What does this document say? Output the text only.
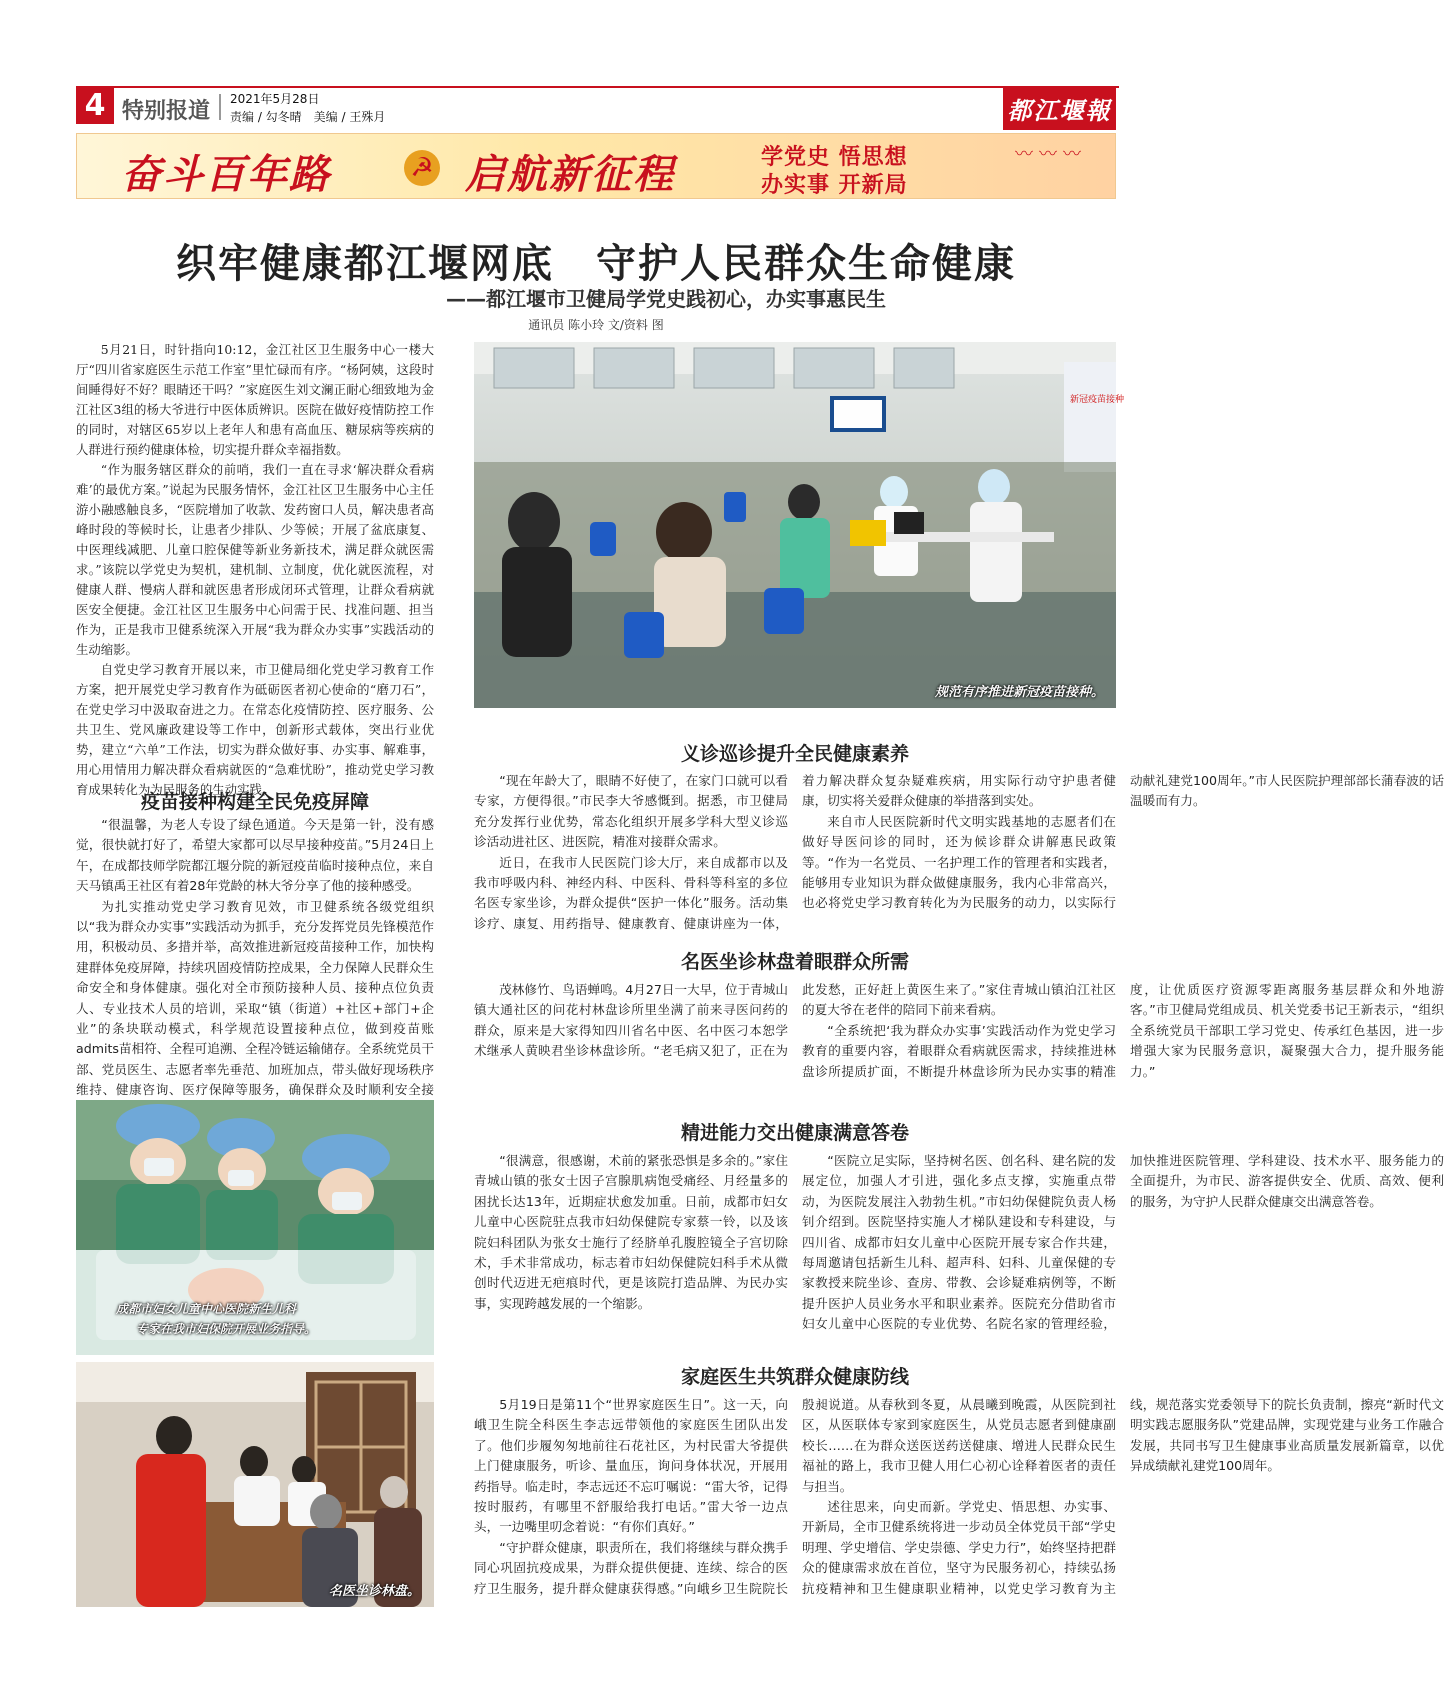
4 特别报道 2021年5月28日
责编 / 勾冬晴　美编 / 王殊月	都江堰報
奋斗百年路	☭ 启航新征程	学党史 悟思想
办实事 开新局
〰〰〰
织牢健康都江堰网底　守护人民群众生命健康
——都江堰市卫健局学党史践初心，办实事惠民生
通讯员 陈小玲 文/资料 图

5月21日，时针指向10:12，金江社区卫生服务中心一楼大厅“四川省家庭医生示范工作室”里忙碌而有序。“杨阿姨，这段时间睡得好不好？眼睛还干吗？”家庭医生刘文澜正耐心细致地为金江社区3组的杨大爷进行中医体质辨识。医院在做好疫情防控工作的同时，对辖区65岁以上老年人和患有高血压、糖尿病等疾病的人群进行预约健康体检，切实提升群众幸福指数。

“作为服务辖区群众的前哨，我们一直在寻求‘解决群众看病难’的最优方案。”说起为民服务情怀，金江社区卫生服务中心主任游小融感触良多，“医院增加了收款、发药窗口人员，解决患者高峰时段的等候时长，让患者少排队、少等候；开展了盆底康复、中医理线减肥、儿童口腔保健等新业务新技术，满足群众就医需求。”该院以学党史为契机，建机制、立制度，优化就医流程，对健康人群、慢病人群和就医患者形成闭环式管理，让群众看病就医安全便捷。金江社区卫生服务中心问需于民、找准问题、担当作为，正是我市卫健系统深入开展“我为群众办实事”实践活动的生动缩影。

自党史学习教育开展以来，市卫健局细化党史学习教育工作方案，把开展党史学习教育作为砥砺医者初心使命的“磨刀石”，在党史学习中汲取奋进之力。在常态化疫情防控、医疗服务、公共卫生、党风廉政建设等工作中，创新形式载体，突出行业优势，建立“六单”工作法，切实为群众做好事、办实事、解难事，用心用情用力解决群众看病就医的“急难忧盼”，推动党史学习教育成果转化为为民服务的生动实践。

新冠疫苗接种
规范有序推进新冠疫苗接种。
疫苗接种构建全民免疫屏障

“很温馨，为老人专设了绿色通道。今天是第一针，没有感觉，很快就打好了，希望大家都可以尽早接种疫苗。”5月24日上午，在成都技师学院都江堰分院的新冠疫苗临时接种点位，来自天马镇禹王社区有着28年党龄的林大爷分享了他的接种感受。

为扎实推动党史学习教育见效，市卫健系统各级党组织以“我为群众办实事”实践活动为抓手，充分发挥党员先锋模范作用，积极动员、多措并举，高效推进新冠疫苗接种工作，加快构建群体免疫屏障，持续巩固疫情防控成果，全力保障人民群众生命安全和身体健康。强化对全市预防接种人员、接种点位负责人、专业技术人员的培训，采取“镇（街道）+社区+部门+企业”的条块联动模式，科学规范设置接种点位，做到疫苗账admits苗相符、全程可追溯、全程冷链运输储存。全系统党员干部、党员医生、志愿者率先垂范、加班加点，带头做好现场秩序维持、健康咨询、医疗保障等服务，确保群众及时顺利安全接

成都市妇女儿童中心医院新生儿科
专家在我市妇保院开展业务指导。
名医坐诊林盘。
义诊巡诊提升全民健康素养

“现在年龄大了，眼睛不好使了，在家门口就可以看专家，方便得很。”市民李大爷感慨到。据悉，市卫健局充分发挥行业优势，常态化组织开展多学科大型义诊巡诊活动进社区、进医院，精准对接群众需求。

近日，在我市人民医院门诊大厅，来自成都市以及我市呼吸内科、神经内科、中医科、骨科等科室的多位名医专家坐诊，为群众提供“医护一体化”服务。活动集诊疗、康复、用药指导、健康教育、健康讲座为一体，着力解决群众复杂疑难疾病，用实际行动守护患者健康，切实将关爱群众健康的举措落到实处。

来自市人民医院新时代文明实践基地的志愿者们在做好导医问诊的同时，还为候诊群众讲解惠民政策等。“作为一名党员、一名护理工作的管理者和实践者，能够用专业知识为群众做健康服务，我内心非常高兴，也必将党史学习教育转化为为民服务的动力，以实际行动献礼建党100周年。”市人民医院护理部部长蒲春波的话温暖而有力。

名医坐诊林盘着眼群众所需

茂林修竹、鸟语蝉鸣。4月27日一大早，位于青城山镇大通社区的问花村林盘诊所里坐满了前来寻医问药的群众，原来是大家得知四川省名中医、名中医刁本恕学术继承人黄映君坐诊林盘诊所。“老毛病又犯了，正在为此发愁，正好赶上黄医生来了。”家住青城山镇泊江社区的夏大爷在老伴的陪同下前来看病。

“全系统把‘我为群众办实事’实践活动作为党史学习教育的重要内容，着眼群众看病就医需求，持续推进林盘诊所提质扩面，不断提升林盘诊所为民办实事的精准度，让优质医疗资源零距离服务基层群众和外地游客。”市卫健局党组成员、机关党委书记王新表示，“组织全系统党员干部职工学习党史、传承红色基因，进一步增强大家为民服务意识，凝聚强大合力，提升服务能力。”

精进能力交出健康满意答卷

“很满意，很感谢，术前的紧张恐惧是多余的。”家住青城山镇的张女士因子宫腺肌病饱受痛经、月经量多的困扰长达13年，近期症状愈发加重。日前，成都市妇女儿童中心医院驻点我市妇幼保健院专家蔡一铃，以及该院妇科团队为张女士施行了经脐单孔腹腔镜全子宫切除术，手术非常成功，标志着市妇幼保健院妇科手术从微创时代迈进无疤痕时代，更是该院打造品牌、为民办实事，实现跨越发展的一个缩影。

“医院立足实际，坚持树名医、创名科、建名院的发展定位，加强人才引进，强化多点支撑，实施重点带动，为医院发展注入勃勃生机。”市妇幼保健院负责人杨钊介绍到。医院坚持实施人才梯队建设和专科建设，与四川省、成都市妇女儿童中心医院开展专家合作共建，每周邀请包括新生儿科、超声科、妇科、儿童保健的专家教授来院坐诊、查房、带教、会诊疑难病例等，不断提升医护人员业务水平和职业素养。医院充分借助省市妇女儿童中心医院的专业优势、名院名家的管理经验，加快推进医院管理、学科建设、技术水平、服务能力的全面提升，为市民、游客提供安全、优质、高效、便利的服务，为守护人民群众健康交出满意答卷。

家庭医生共筑群众健康防线

5月19日是第11个“世界家庭医生日”。这一天，向峨卫生院全科医生李志远带领他的家庭医生团队出发了。他们步履匆匆地前往石花社区，为村民雷大爷提供上门健康服务，听诊、量血压，询问身体状况，开展用药指导。临走时，李志远还不忘叮嘱说：“雷大爷，记得按时服药，有哪里不舒服给我打电话。”雷大爷一边点头，一边嘴里叨念着说：“有你们真好。”

“守护群众健康，职责所在，我们将继续与群众携手同心巩固抗疫成果，为群众提供便捷、连续、综合的医疗卫生服务，提升群众健康获得感。”向峨乡卫生院院长殷昶说道。从春秋到冬夏，从晨曦到晚霞，从医院到社区，从医联体专家到家庭医生，从党员志愿者到健康副校长……在为群众送医送药送健康、增进人民群众民生福祉的路上，我市卫健人用仁心初心诠释着医者的责任与担当。

述往思来，向史而新。学党史、悟思想、办实事、开新局，全市卫健系统将进一步动员全体党员干部“学史明理、学史增信、学史崇德、学史力行”，始终坚持把群众的健康需求放在首位，坚守为民服务初心，持续弘扬抗疫精神和卫生健康职业精神，以党史学习教育为主线，规范落实党委领导下的院长负责制，擦亮“新时代文明实践志愿服务队”党建品牌，实现党建与业务工作融合发展，共同书写卫生健康事业高质量发展新篇章，以优异成绩献礼建党100周年。
